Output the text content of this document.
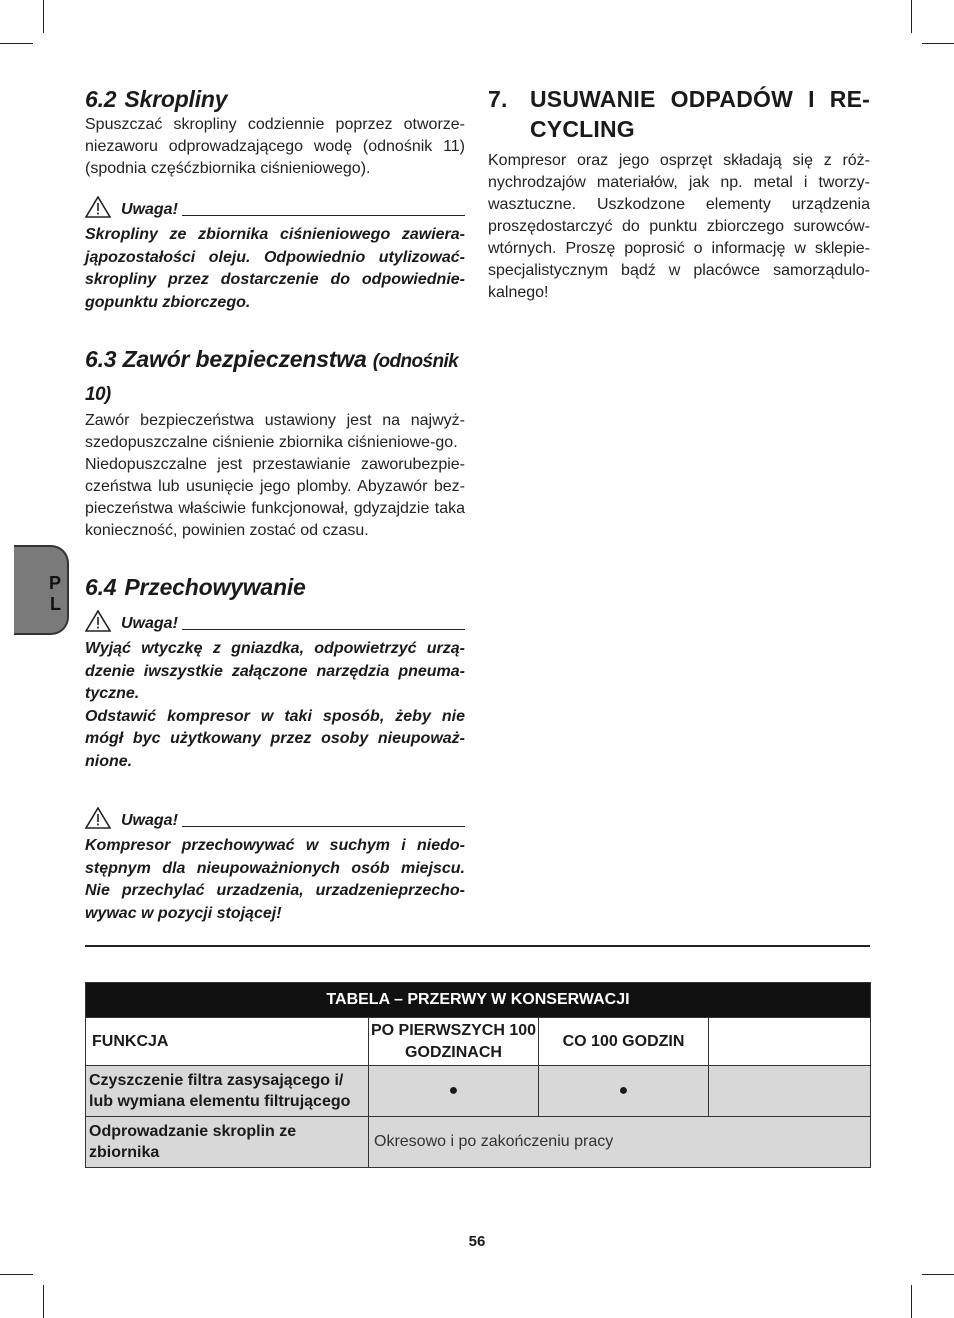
P
L
6.2 Skropliny

Spuszczać skropliny codziennie poprzez otworze-niezaworu odprowadzającego wodę (odnośnik 11) (spodnia częśćzbiornika ciśnieniowego).

Uwaga!

Skropliny ze zbiornika ciśnieniowego zawiera-jąpozostałości oleju. Odpowiednio utylizować-skropliny przez dostarczenie do odpowiednie-gopunktu zbiorczego.

6.3 Zawór bezpieczenstwa (odnośnik 10)

Zawór bezpieczeństwa ustawiony jest na najwyż-szedopuszczalne ciśnienie zbiornika ciśnieniowe-go.

Niedopuszczalne jest przestawianie zaworubezpie-czeństwa lub usunięcie jego plomby. Abyzawór bez-pieczeństwa właściwie funkcjonował, gdyzajdzie taka konieczność, powinien zostać od czasu.

6.4 Przechowywanie
Uwaga!

Wyjąć wtyczkę z gniazdka, odpowietrzyć urzą-dzenie iwszystkie załączone narzędzia pneuma-tyczne.

Odstawić kompresor w taki sposób, żeby nie mógł byc użytkowany przez osoby nieupoważ-nione.

Uwaga!

Kompresor przechowywać w suchym i niedo-stępnym dla nieupoważnionych osób miejscu. Nie przechylać urzadzenia, urzadzenieprzecho-wywac w pozycji stojącej!

7. USUWANIE ODPADÓW I RE-CYCLING

Kompresor oraz jego osprzęt składają się z róż-nychrodzajów materiałów, jak np. metal i tworzy-wasztuczne. Uszkodzone elementy urządzenia proszędostarczyć do punktu zbiorczego surowców-wtórnych. Proszę poprosić o informację w sklepie-specjalistycznym bądź w placówce samorządulo-kalnego!

TABELA – PRZERWY W KONSERWACJI			
FUNKCJA	PO PIERWSZYCH 100 GODZINACH	CO 100 GODZIN	
Czyszczenie filtra zasysającego i/ lub wymiana elementu filtrującego	●	●	
Odprowadzanie skroplin ze zbiornika	Okresowo i po zakończeniu pracy		
56
